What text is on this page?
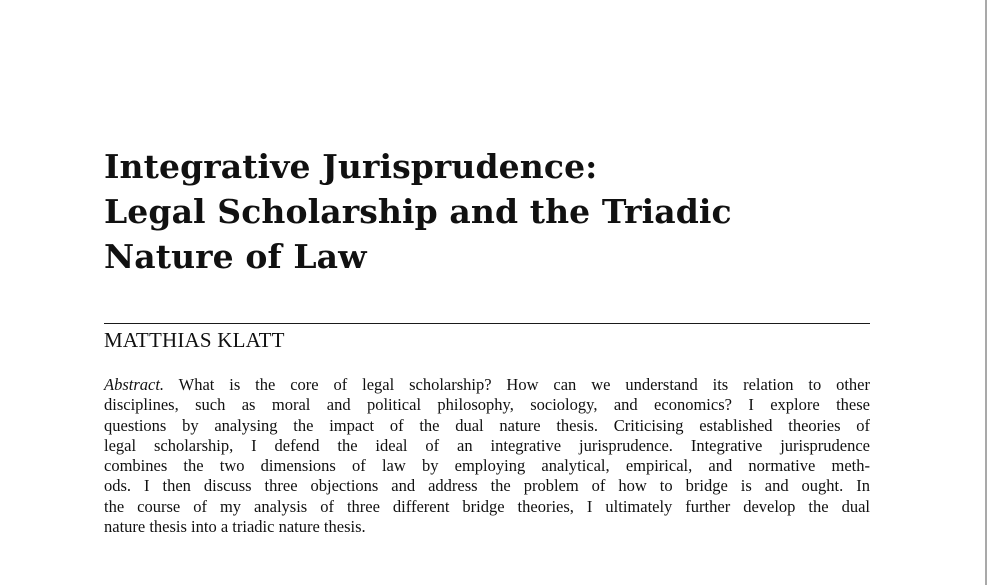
Integrative Jurisprudence:
Legal Scholarship and the Triadic
Nature of Law
MATTHIAS KLATT
Abstract. What is the core of legal scholarship? How can we understand its relation to other
disciplines, such as moral and political philosophy, sociology, and economics? I explore these
questions by analysing the impact of the dual nature thesis. Criticising established theories of
legal scholarship, I defend the ideal of an integrative jurisprudence. Integrative jurisprudence
combines the two dimensions of law by employing analytical, empirical, and normative meth-
ods. I then discuss three objections and address the problem of how to bridge is and ought. In
the course of my analysis of three different bridge theories, I ultimately further develop the dual
nature thesis into a triadic nature thesis.
